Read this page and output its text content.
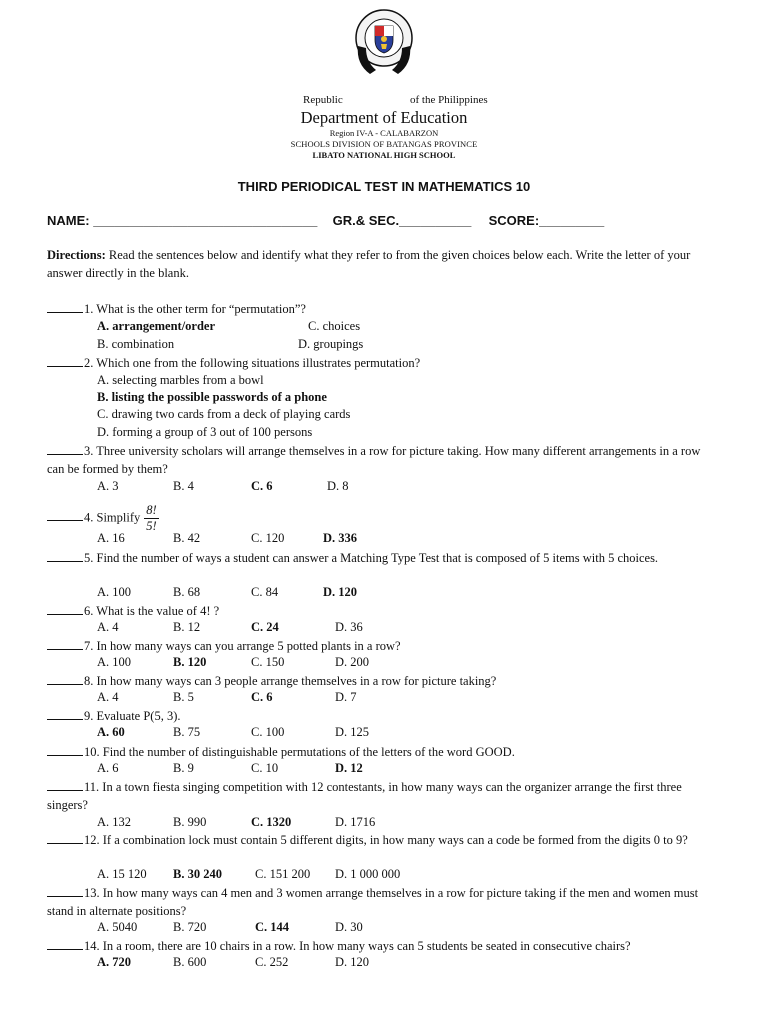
Republic	of the Philippines
Department of Education
Region IV-A - CALABARZON
SCHOOLS DIVISION OF BATANGAS PROVINCE
LIBATO NATIONAL HIGH SCHOOL
THIRD PERIODICAL TEST IN MATHEMATICS 10
NAME: _______________________________ GR.& SEC.__________ SCORE:_________
Directions: Read the sentences below and identify what they refer to from the given choices below each. Write the letter of your answer directly in the blank.
1. What is the other term for “permutation”?
A. arrangement/order	C. choices
B. combination	D. groupings
2. Which one from the following situations illustrates permutation?
A. selecting marbles from a bowl
B. listing the possible passwords of a phone
C. drawing two cards from a deck of playing cards
D. forming a group of 3 out of 100 persons
3. Three university scholars will arrange themselves in a row for picture taking. How many different arrangements in a row can be formed by them?
A. 3	B. 4	C. 6	D. 8
4. Simplify $\frac{8!}{5!}$
A. 16	B. 42	C. 120	D. 336
5. Find the number of ways a student can answer a Matching Type Test that is composed of 5 items with 5 choices.
A. 100	B. 68	C. 84	D. 120
6. What is the value of 4! ?
A. 4	B. 12	C. 24	D. 36
7. In how many ways can you arrange 5 potted plants in a row?
A. 100	B. 120	C. 150	D. 200
8. In how many ways can 3 people arrange themselves in a row for picture taking?
A. 4	B. 5	C. 6	D. 7
9. Evaluate P(5, 3).
A. 60	B. 75	C. 100	D. 125
10. Find the number of distinguishable permutations of the letters of the word GOOD.
A. 6	B. 9	C. 10	D. 12
11. In a town fiesta singing competition with 12 contestants, in how many ways can the organizer arrange the first three singers?
A. 132	B. 990	C. 1320	D. 1716
12. If a combination lock must contain 5 different digits, in how many ways can a code be formed from the digits 0 to 9?
A. 15 120 B. 30 240	C. 151 200 D. 1 000 000
13. In how many ways can 4 men and 3 women arrange themselves in a row for picture taking if the men and women must stand in alternate positions?
A. 5040	B. 720	C. 144	D. 30
14. In a room, there are 10 chairs in a row. In how many ways can 5 students be seated in consecutive chairs?
A. 720	B. 600	C. 252	D. 120
